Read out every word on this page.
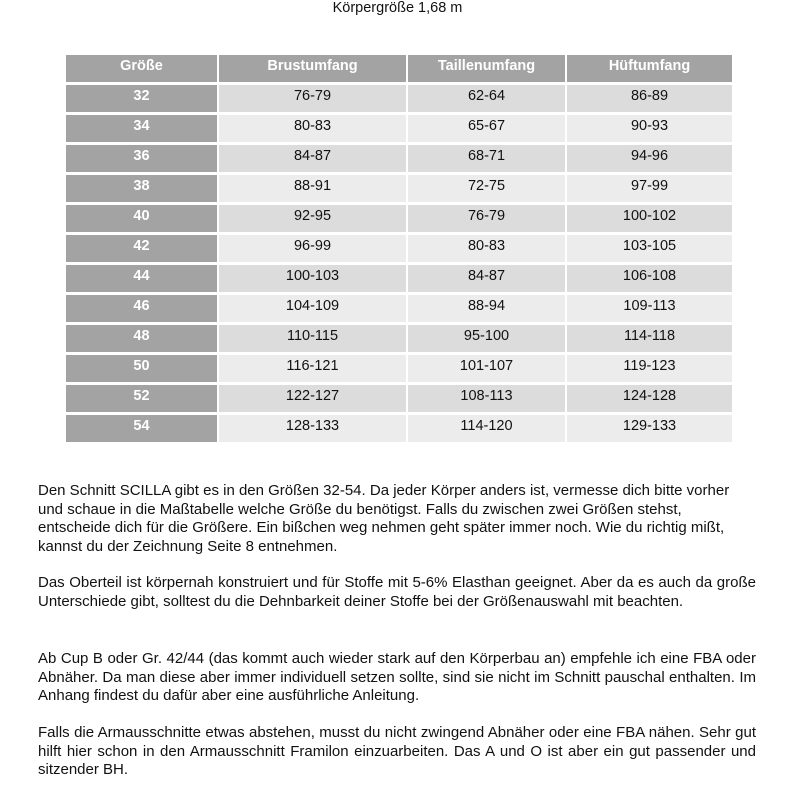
Körpergröße 1,68 m
Größe	Brustumfang	Taillenumfang	Hüftumfang
32	76-79	62-64	86-89
34	80-83	65-67	90-93
36	84-87	68-71	94-96
38	88-91	72-75	97-99
40	92-95	76-79	100-102
42	96-99	80-83	103-105
44	100-103	84-87	106-108
46	104-109	88-94	109-113
48	110-115	95-100	114-118
50	116-121	101-107	119-123
52	122-127	108-113	124-128
54	128-133	114-120	129-133

Den Schnitt SCILLA gibt es in den Größen 32-54. Da jeder Körper anders ist, vermesse dich bitte vorher und schaue in die Maßtabelle welche Größe du benötigst. Falls du zwischen zwei Größen stehst, entscheide dich für die Größere. Ein bißchen weg nehmen geht später immer noch. Wie du richtig mißt, kannst du der Zeichnung Seite 8 entnehmen.

Das Oberteil ist körpernah konstruiert und für Stoffe mit 5-6% Elasthan geeignet. Aber da es auch da große Unterschiede gibt, solltest du die Dehnbarkeit deiner Stoffe bei der Größenauswahl mit beachten.

Ab Cup B oder Gr. 42/44 (das kommt auch wieder stark auf den Körperbau an) empfehle ich eine FBA oder Abnäher. Da man diese aber immer individuell setzen sollte, sind sie nicht im Schnitt pauschal enthalten. Im Anhang findest du dafür aber eine ausführliche Anleitung.

Falls die Armausschnitte etwas abstehen, musst du nicht zwingend Abnäher oder eine FBA nähen. Sehr gut hilft hier schon in den Armausschnitt Framilon einzuarbeiten. Das A und O ist aber ein gut passender und sitzender BH.
